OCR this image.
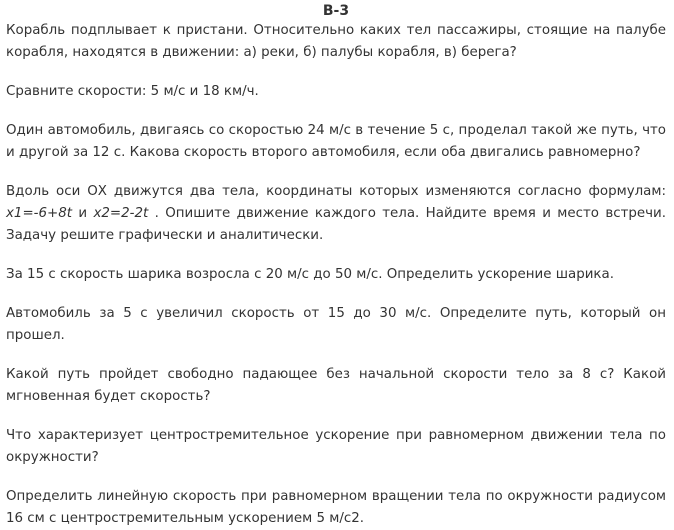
В-3

Корабль подплывает к пристани. Относительно каких тел пассажиры, стоящие на палубе корабля, находятся в движении: а) реки, б) палубы корабля, в) берега?

Сравните скорости: 5 м/с и 18 км/ч.

Один автомобиль, двигаясь со скоростью 24 м/с в течение 5 с, проделал такой же путь, что и другой за 12 с. Какова скорость второго автомобиля, если оба двигались равномерно?

Вдоль оси ОХ движутся два тела, координаты которых изменяются согласно формулам: x1=-6+8t и x2=2-2t . Опишите движение каждого тела. Найдите время и место встречи. Задачу решите графически и аналитически.

За 15 с скорость шарика возросла с 20 м/с до 50 м/с. Определить ускорение шарика.

Автомобиль за 5 с увеличил скорость от 15 до 30 м/с. Определите путь, который он прошел.

Какой путь пройдет свободно падающее без начальной скорости тело за 8 с? Какой мгновенная будет скорость?

Что характеризует центростремительное ускорение при равномерном движении тела по окружности?

Определить линейную скорость при равномерном вращении тела по окружности радиусом 16 см с центростремительным ускорением 5 м/с2.
